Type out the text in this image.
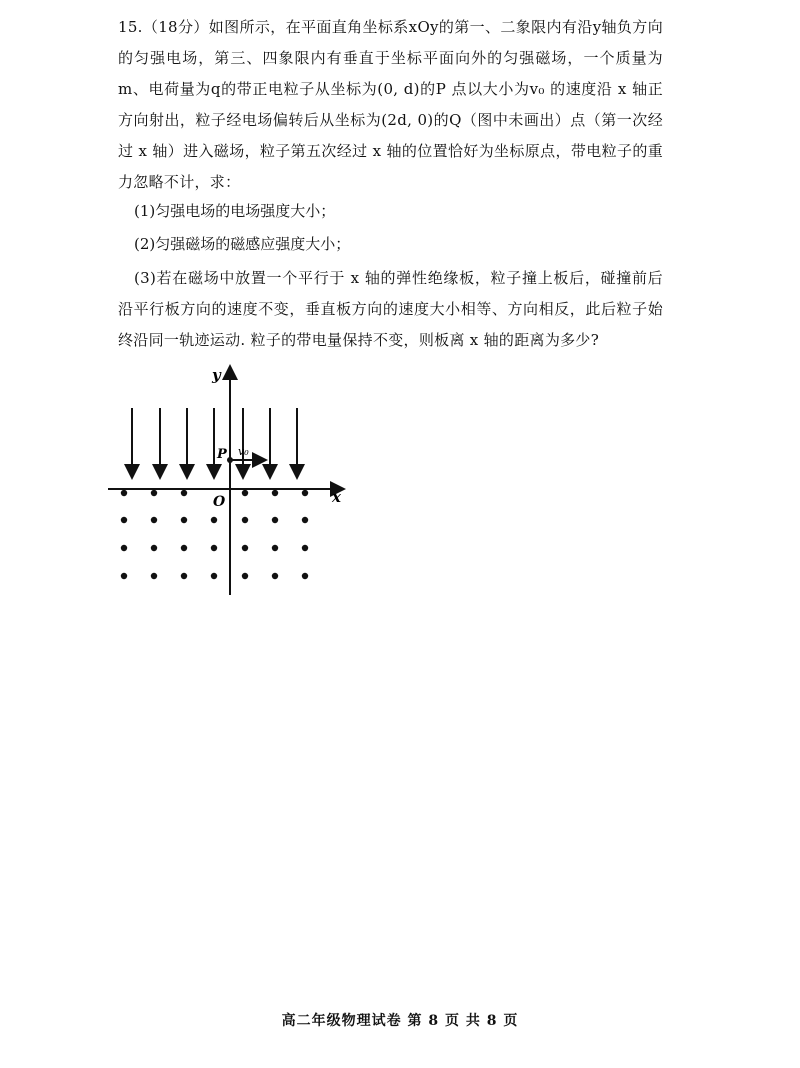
15.（18分）如图所示，在平面直角坐标系xOy的第一、二象限内有沿y轴负方向的匀强电场，第三、四象限内有垂直于坐标平面向外的匀强磁场，一个质量为m、电荷量为q的带正电粒子从坐标为(0, d)的P 点以大小为v₀ 的速度沿 x 轴正方向射出，粒子经电场偏转后从坐标为(2d, 0)的Q（图中未画出）点（第一次经过 x 轴）进入磁场，粒子第五次经过 x 轴的位置恰好为坐标原点，带电粒子的重力忽略不计，求：

(1)匀强电场的电场强度大小；

(2)匀强磁场的磁感应强度大小；

(3)若在磁场中放置一个平行于 x 轴的弹性绝缘板，粒子撞上板后，碰撞前后沿平行板方向的速度不变，垂直板方向的速度大小相等、方向相反，此后粒子始终沿同一轨迹运动. 粒子的带电量保持不变，则板离 x 轴的距离为多少?

y
x
O
P v₀
高二年级物理试卷 第 8 页 共 8 页
